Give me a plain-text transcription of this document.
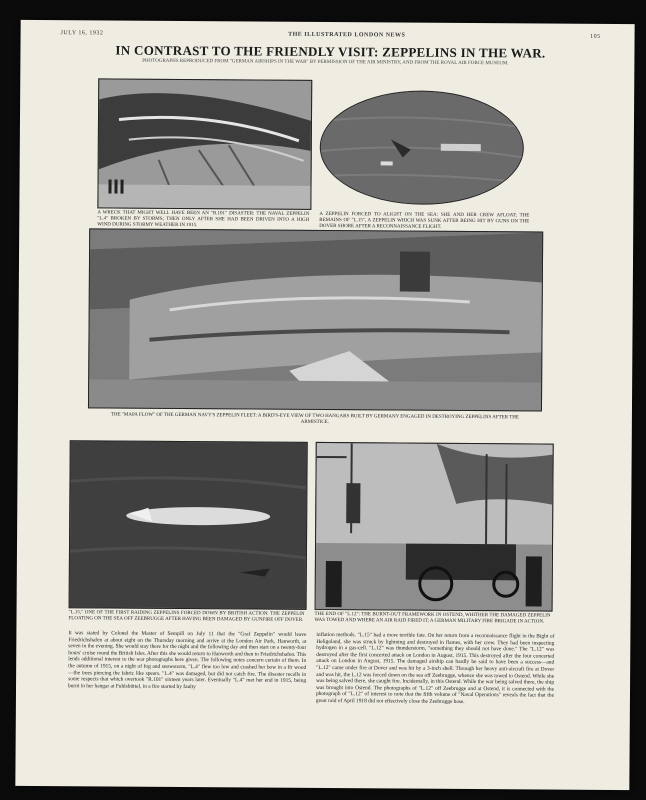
JULY 16, 1932	THE ILLUSTRATED LONDON NEWS	105
IN CONTRAST TO THE FRIENDLY VISIT: ZEPPELINS IN THE WAR.
PHOTOGRAPHS REPRODUCED FROM "GERMAN AIRSHIPS IN THE WAR" BY PERMISSION OF THE AIR MINISTRY, AND FROM THE ROYAL AIR FORCE MUSEUM.
A WRECK THAT MIGHT WELL HAVE BEEN AN "R.101" DISASTER: THE NAVAL ZEPPELIN "L.4" BROKEN BY STORMS; THEN ONLY AFTER SHE HAD BEEN DRIVEN INTO A HIGH WIND DURING STORMY WEATHER IN 1915.
A ZEPPELIN FORCED TO ALIGHT ON THE SEA: SHE AND HER CREW AFLOAT; THE REMAINS OF "L.15", A ZEPPELIN WHICH WAS SUNK AFTER BEING HIT BY GUNS ON THE DOVER SHORE AFTER A RECONNAISSANCE FLIGHT.
THE "MAPA FLOW" OF THE GERMAN NAVY'S ZEPPELIN FLEET: A BIRD'S-EYE VIEW OF TWO HANGARS BUILT BY GERMANY ENGAGED IN DESTROYING ZEPPELINS AFTER THE ARMISTICE.
"L.15," ONE OF THE FIRST RAIDING ZEPPELINS FORCED DOWN BY BRITISH ACTION: THE ZEPPELIN FLOATING ON THE SEA OFF ZEEBRUGGE AFTER HAVING BEEN DAMAGED BY GUNFIRE OFF DOVER.
THE END OF "L.12": THE BURNT-OUT FRAMEWORK IN OSTEND, WHITHER THE DAMAGED ZEPPELIN WAS TOWED AND WHERE AN AIR RAID FIRED IT; A GERMAN MILITARY FIRE BRIGADE IN ACTION.
It was stated by Colonel the Master of Sempill on July 11 that the "Graf Zeppelin" would leave Friedrichshafen at about eight on the Thursday morning and arrive at the London Air Park, Hanworth, at seven in the evening. She would stay there for the night and the following day and then start on a twenty-four hours' cruise round the British Isles. After this she would return to Hanworth and then to Friedrichshafen. This lends additional interest to the war photographs here given. The following notes concern certain of them. In the autumn of 1915, on a night of fog and snowstorm, "L.4" flew too low and crashed her bow in a fir wood—the trees piercing the fabric like spears. "L.4" was damaged, but did not catch fire. The disaster recalls in some respects that which overtook "R.101" sixteen years later. Eventually "L.4" met her end in 1915, being burnt in her hangar at Fuhlsbüttel, in a fire started by faulty
inflation methods. "L.15" had a more terrible fate. On her return from a reconnaissance flight in the Bight of Heligoland, she was struck by lightning and destroyed in flames, with her crew. They had been inspecting hydrogen in a gas-cell. "L.12" was thunderstorm, "something they should not have done." The "L.12" was destroyed after the first concerted attack on London in August, 1915. This destroyed after the four concerted attack on London in August, 1915. The damaged airship can hardly be said to have been a success—and "L.12" came under fire at Dover and was hit by a 3-inch shell. Through her heavy anti-aircraft fire at Dover and was hit, the L.12 was forced down on the sea off Zeebrugge, whence she was towed to Ostend. While she was being salved there, she caught fire. Incidentally, in this Ostend. While the war being salved there, the ship was brought into Ostend. The photographs of "L.12" off Zeebrugge and at Ostend, it is connected with the photograph of "L.12" of interest to note that the fifth volume of "Naval Operations" reveals the fact that the great raid of April 1918 did not effectively close the Zeebrugge base.
